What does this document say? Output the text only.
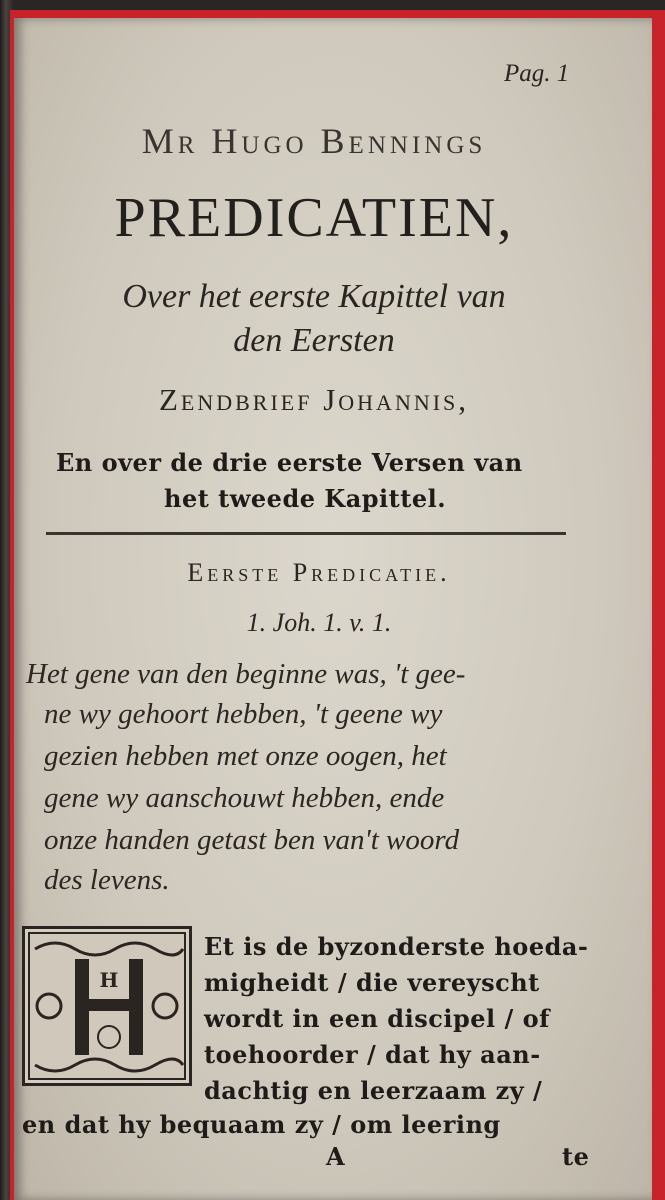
Pag. 1
Mr Hugo Bennings
PREDICATIEN,
Over het eerste Kapittel van
den Eersten
Zendbrief Johannis,
En over de drie eerste Versen van
het tweede Kapittel.
Eerste Predicatie.
1. Joh. 1. v. 1.
Het gene van den beginne was, 't gee-
ne wy gehoort hebben, 't geene wy
gezien hebben met onze oogen, het
gene wy aanschouwt hebben, ende
onze handen getast ben van't woord
des levens.
H
Et is de byzonderste hoeda-
migheidt / die vereyscht
wordt in een discipel / of
toehoorder / dat hy aan-
dachtig en leerzaam zy /
en dat hy bequaam zy / om leering
A	te
